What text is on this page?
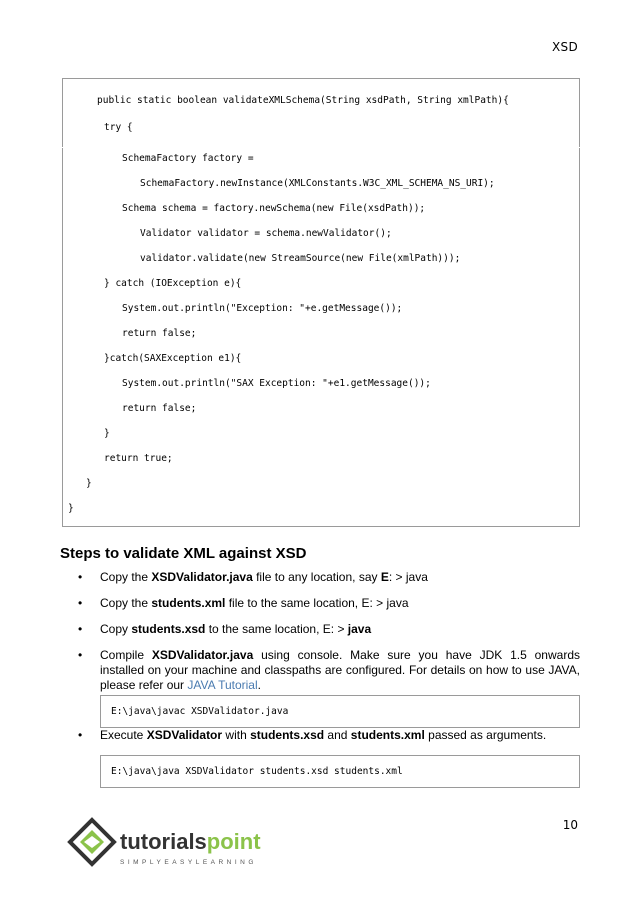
XSD
public static boolean validateXMLSchema(String xsdPath, String xmlPath){
try {
SchemaFactory factory =
SchemaFactory.newInstance(XMLConstants.W3C_XML_SCHEMA_NS_URI);
Schema schema = factory.newSchema(new File(xsdPath));
Validator validator = schema.newValidator();
validator.validate(new StreamSource(new File(xmlPath)));
} catch (IOException e){
System.out.println("Exception: "+e.getMessage());
return false;
}catch(SAXException e1){
System.out.println("SAX Exception: "+e1.getMessage());
return false;
}
return true;
}
}
Steps to validate XML against XSD
• Copy the XSDValidator.java file to any location, say E: > java
• Copy the students.xml file to the same location, E: > java
• Copy students.xsd to the same location, E: > java
• Compile XSDValidator.java using console. Make sure you have JDK 1.5 onwards installed on your machine and classpaths are configured. For details on how to use JAVA, please refer our JAVA Tutorial.
• Execute XSDValidator with students.xsd and students.xml passed as arguments.
E:\java\javac XSDValidator.java
E:\java\java XSDValidator students.xsd students.xml
10
tutorialspoint
SIMPLYEASYLEARNING
